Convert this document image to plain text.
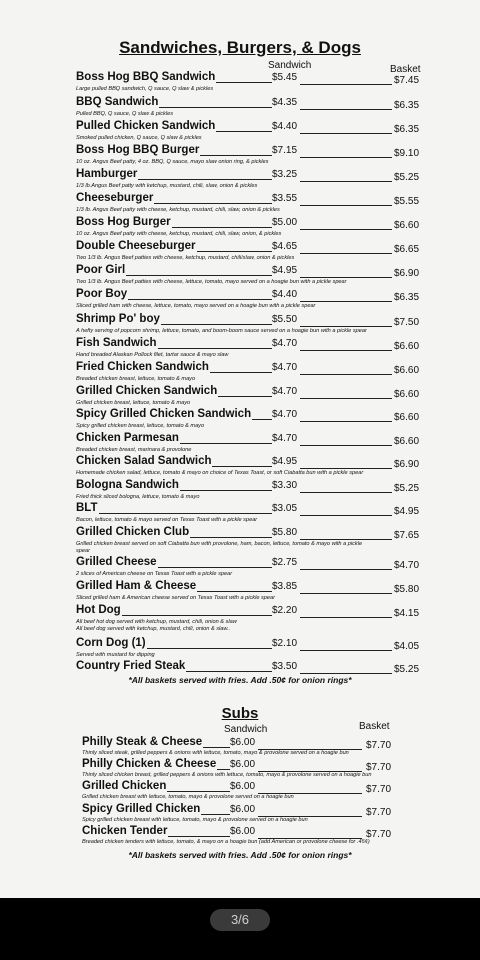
Sandwiches, Burgers, & Dogs
Sandwich	Basket
Boss Hog BBQ Sandwich	$5.45	$7.45
Large pulled BBQ sandwich, Q sauce, Q slaw & pickles
BBQ Sandwich	$4.35	$6.35
Pulled BBQ, Q sauce, Q slaw & pickles
Pulled Chicken Sandwich	$4.40	$6.35
Smoked pulled chicken, Q sauce, Q slaw & pickles
Boss Hog BBQ Burger	$7.15	$9.10
10 oz. Angus Beef patty, 4 oz. BBQ, Q sauce, mayo slaw onion ring, & pickles
Hamburger	$3.25	$5.25
1/3 lb.Angus Beef patty with ketchup, mustard, chili, slaw, onion & pickles
Cheeseburger	$3.55	$5.55
1/3 lb. Angus Beef patty with cheese, ketchup, mustard, chili, slaw, onion & pickles
Boss Hog Burger	$5.00	$6.60
10 oz. Angus Beef patty with cheese, ketchup, mustard, chili, slaw, onion, & pickles
Double Cheeseburger	$4.65	$6.65
Two 1/3 lb. Angus Beef patties with cheese, ketchup, mustard, chili/slaw, onion & pickles
Poor Girl	$4.95	$6.90
Two 1/3 lb. Angus Beef patties with cheese, lettuce, tomato, mayo served on a hoagie bun with a pickle spear
Poor Boy	$4.40	$6.35
Sliced grilled ham with cheese, lettuce, tomato, mayo served on a hoagie bun with a pickle spear
Shrimp Po' boy	$5.50	$7.50
A hefty serving of popcorn shrimp, lettuce, tomato, and boom-boom sauce served on a hoagie bun with a pickle spear
Fish Sandwich	$4.70	$6.60
Hand breaded Alaskan Pollock filet, tartar sauce & mayo slaw
Fried Chicken Sandwich	$4.70	$6.60
Breaded chicken breast, lettuce, tomato & mayo
Grilled Chicken Sandwich	$4.70	$6.60
Grilled chicken breast, lettuce, tomato & mayo
Spicy Grilled Chicken Sandwich $4.70	$6.60
Spicy grilled chicken breast, lettuce, tomato & mayo
Chicken Parmesan	$4.70	$6.60
Breaded chicken breast, marinara & provolone
Chicken Salad Sandwich	$4.95	$6.90
Homemade chicken salad, lettuce, tomato & mayo on choice of Texas Toast, or soft Ciabatta bun with a pickle spear
Bologna Sandwich	$3.30	$5.25
Fried thick sliced bologna, lettuce, tomato & mayo
BLT	$3.05	$4.95
Bacon, lettuce, tomato & mayo served on Texas Toast with a pickle spear
Grilled Chicken Club	$5.80	$7.65
Grilled chicken breast served on soft Ciabatta bun with provolone, ham, bacon, lettuce, tomato & mayo with a pickle
spear
Grilled Cheese	$2.75	$4.70
2 slices of American cheese on Texas Toast with a pickle spear
Grilled Ham & Cheese	$3.85	$5.80
Sliced grilled ham & American cheese served on Texas Toast with a pickle spear
Hot Dog	$2.20	$4.15
All beef hot dog served with ketchup, mustard, chili, onion & slaw
All beef dog served with ketchup, mustard, chili, onion & slaw..
Corn Dog (1)	$2.10	$4.05
Served with mustard for dipping
Country Fried Steak	$3.50	$5.25
*All baskets served with fries. Add .50¢ for onion rings*
Subs
Sandwich	Basket
Philly Steak & Cheese	$6.00	$7.70
Thinly sliced steak, grilled peppers & onions with lettuce, tomato, mayo & provolone served on a hoagie bun
Philly Chicken & Cheese $6.00	$7.70
Thinly sliced chicken breast, grilled peppers & onions with lettuce, tomato, mayo & provolone served on a hoagie bun
Grilled Chicken	$6.00	$7.70
Grilled chicken breast with lettuce, tomato, mayo & provolone served on a hoagie bun
Spicy Grilled Chicken	$6.00	$7.70
Spicy grilled chicken breast with lettuce, tomato, mayo & provolone served on a hoagie bun
Chicken Tender	$6.00	$7.70
Breaded chicken tenders with lettuce, tomato, & mayo on a hoagie bun (add American or provolone cheese for .45¢)
*All baskets served with fries. Add .50¢ for onion rings*
3/6
